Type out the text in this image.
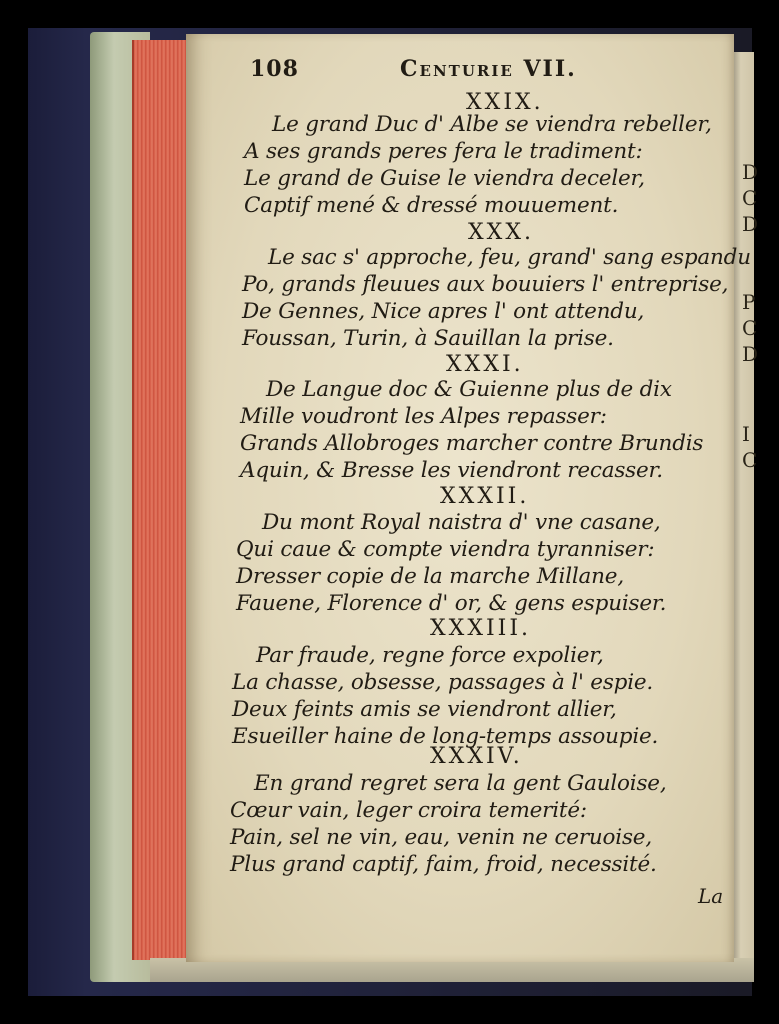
108	Centurie VII.
XXIX.
Le grand Duc d' Albe se viendra rebeller,
A ses grands peres fera le tradiment:
Le grand de Guise le viendra deceler,
Captif mené & dressé mouuement.
XXX.
Le sac s' approche, feu, grand' sang espandu
Po, grands fleuues aux bouuiers l' entreprise,
De Gennes, Nice apres l' ont attendu,
Foussan, Turin, à Sauillan la prise.
XXXI.
De Langue doc & Guienne plus de dix
Mille voudront les Alpes repasser:
Grands Allobroges marcher contre Brundis
Aquin, & Bresse les viendront recasser.
XXXII.
Du mont Royal naistra d' vne casane,
Qui caue & compte viendra tyranniser:
Dresser copie de la marche Millane,
Fauene, Florence d' or, & gens espuiser.
XXXIII.
Par fraude, regne force expolier,
La chasse, obsesse, passages à l' espie.
Deux feints amis se viendront allier,
Esueiller haine de long-temps assoupie.
XXXIV.
En grand regret sera la gent Gauloise,
Cœur vain, leger croira temerité:
Pain, sel ne vin, eau, venin ne ceruoise,
Plus grand captif, faim, froid, necessité.
La
D
C
D
P
C
D
I
C
